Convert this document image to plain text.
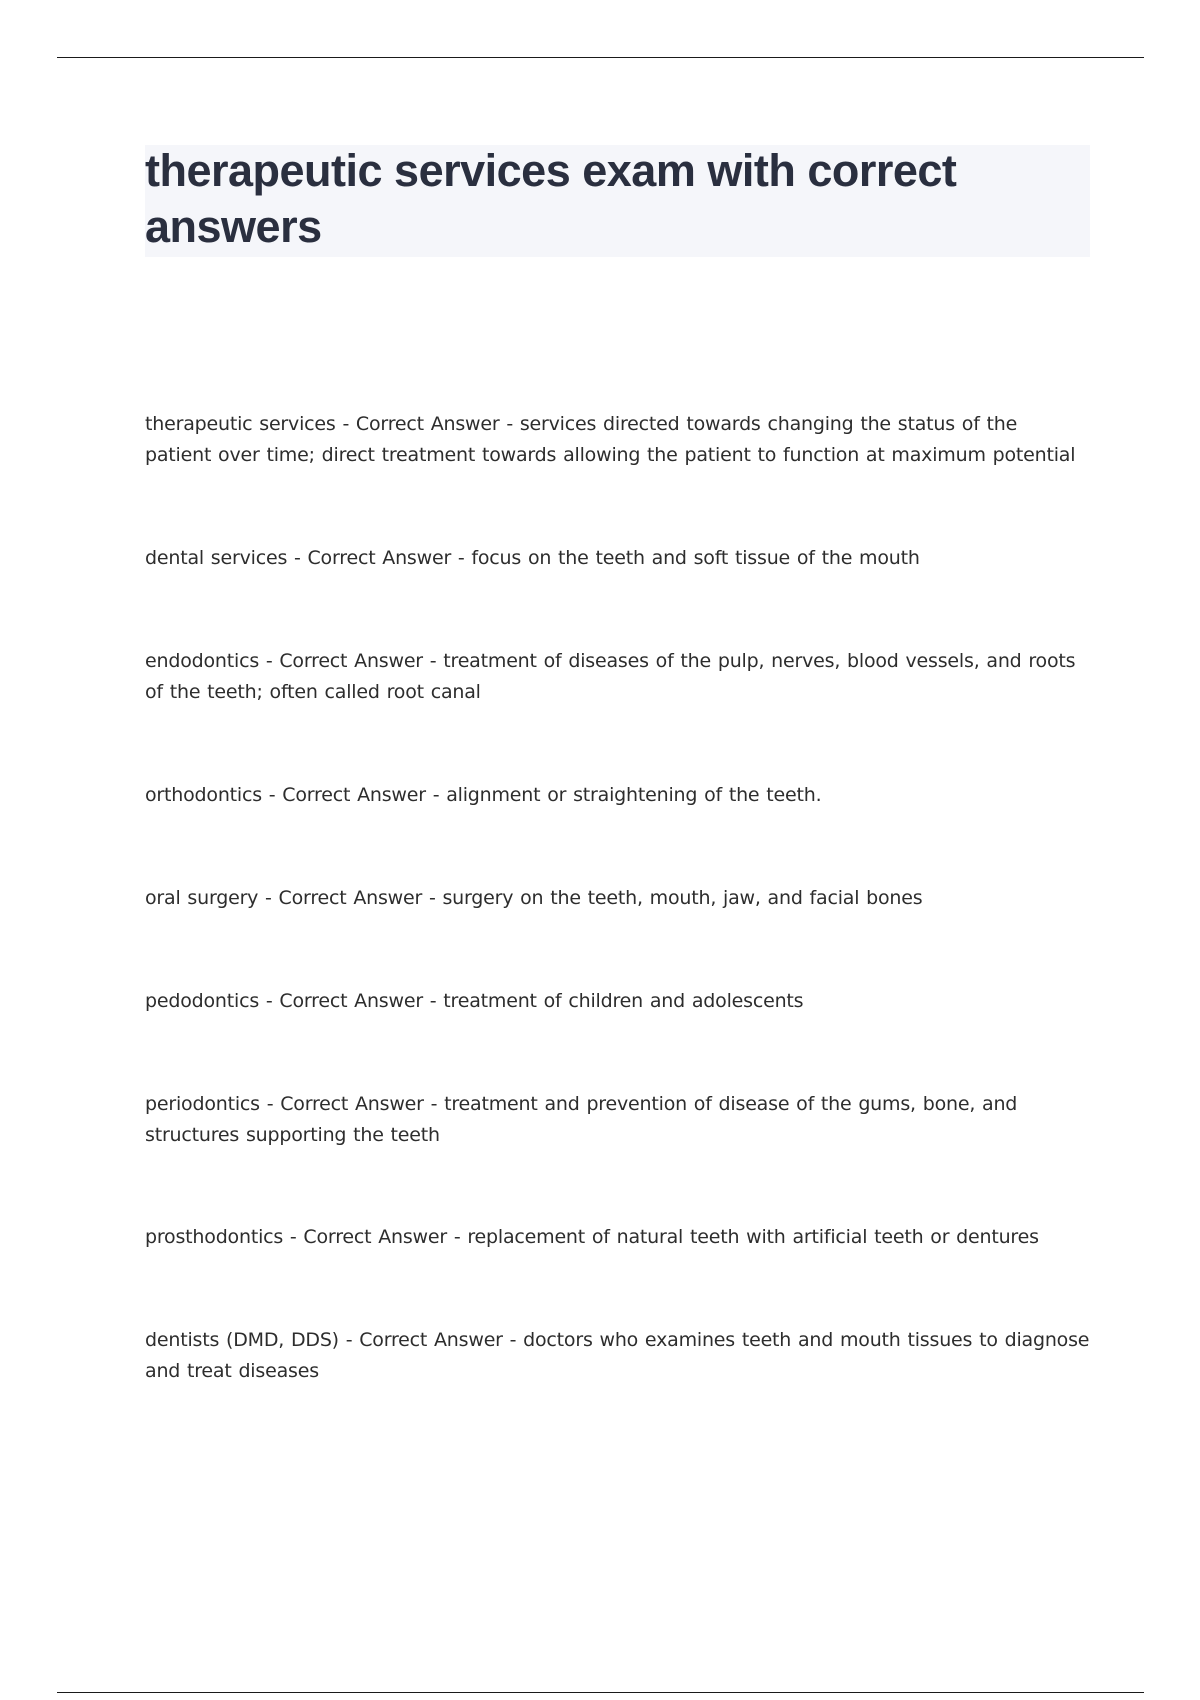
therapeutic services exam with correct answers

therapeutic services - Correct Answer - services directed towards changing the status of the patient over time; direct treatment towards allowing the patient to function at maximum potential

dental services - Correct Answer - focus on the teeth and soft tissue of the mouth

endodontics - Correct Answer - treatment of diseases of the pulp, nerves, blood vessels, and roots of the teeth; often called root canal

orthodontics - Correct Answer - alignment or straightening of the teeth.

oral surgery - Correct Answer - surgery on the teeth, mouth, jaw, and facial bones

pedodontics - Correct Answer - treatment of children and adolescents

periodontics - Correct Answer - treatment and prevention of disease of the gums, bone, and structures supporting the teeth

prosthodontics - Correct Answer - replacement of natural teeth with artificial teeth or dentures

dentists (DMD, DDS) - Correct Answer - doctors who examines teeth and mouth tissues to diagnose and treat diseases
